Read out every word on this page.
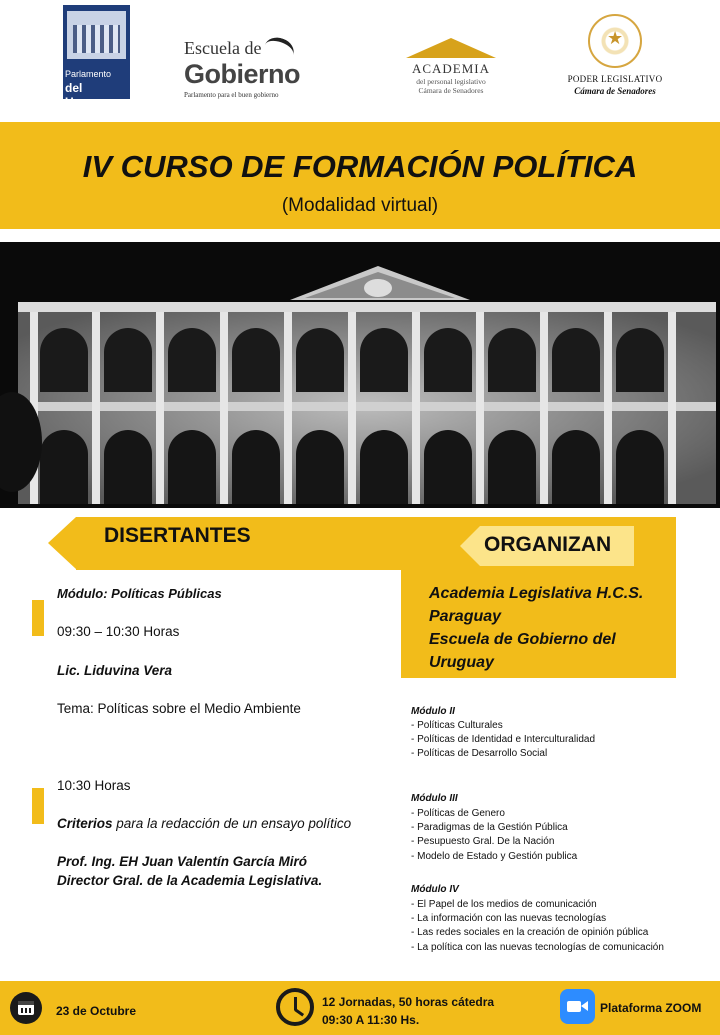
Parlamento
del Uruguay
Escuela de
Gobierno
Parlamento para el buen gobierno
ACADEMIA
del personal legislativo
Cámara de Senadores
★
PODER LEGISLATIVO
Cámara de Senadores
IV CURSO DE FORMACIÓN POLÍTICA
(Modalidad virtual)
DISERTANTES	ORGANIZAN
Academia Legislativa H.C.S.
Paraguay
Escuela de Gobierno del
Uruguay
Módulo: Políticas Públicas
09:30 – 10:30 Horas
Lic. Liduvina Vera
Tema: Políticas sobre el Medio Ambiente
10:30 Horas
Criterios para la redacción de un ensayo político
Prof. Ing. EH Juan Valentín García Miró
Director Gral. de la Academia Legislativa.
Módulo II
- Políticas Culturales
- Políticas de Identidad e Interculturalidad
- Políticas de Desarrollo Social
Módulo III
- Políticas de Genero
- Paradigmas de la Gestión Pública
- Pesupuesto Gral. De la Nación
- Modelo de Estado y Gestión publica
Módulo IV
- El Papel de los medios de comunicación
- La información con las nuevas tecnologías
- Las redes sociales en la creación de opinión pública
- La política con las nuevas tecnologías de comunicación
23 de Octubre
12 Jornadas, 50 horas cátedra
09:30 A 11:30 Hs.
Plataforma ZOOM
